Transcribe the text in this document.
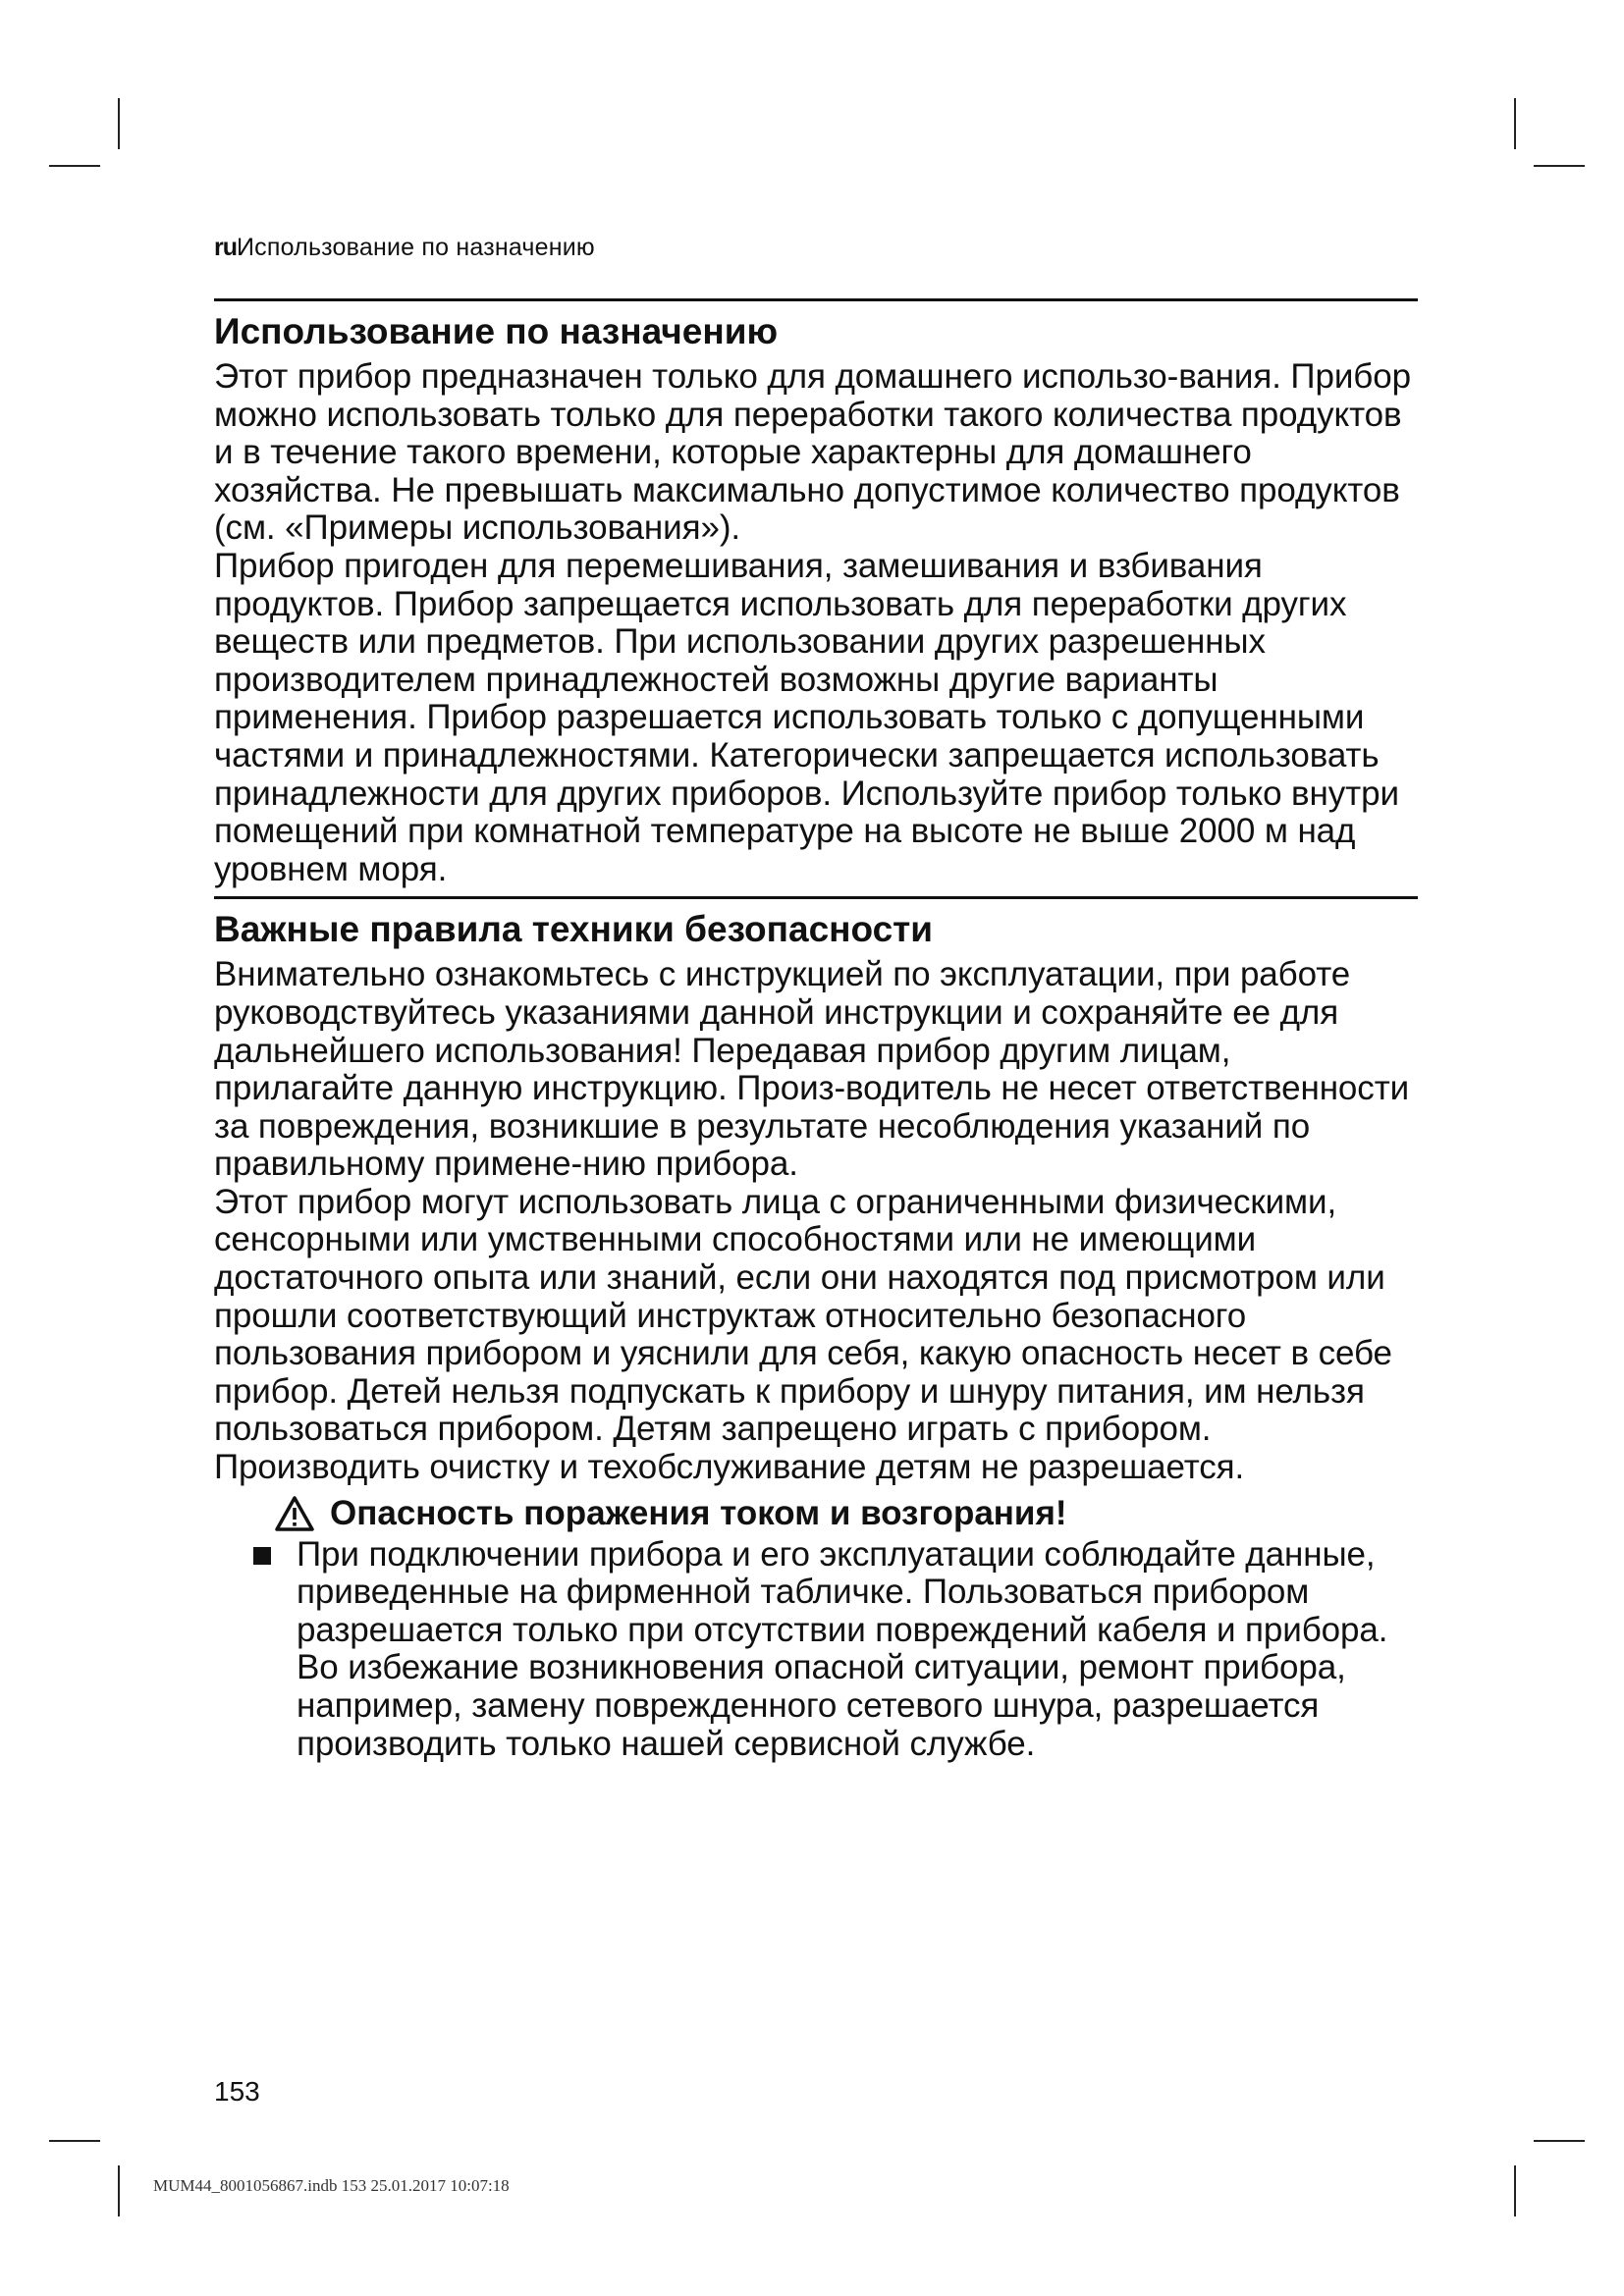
ruИспользование по назначению
Использование по назначению

Этот прибор предназначен только для домашнего использо-вания. Прибор можно использовать только для переработки такого количества продуктов и в течение такого времени, которые характерны для домашнего хозяйства. Не превышать максимально допустимое количество продуктов (см. «Примеры использования»).

Прибор пригоден для перемешивания, замешивания и взбивания продуктов. Прибор запрещается использовать для переработки других веществ или предметов. При использовании других разрешенных производителем принадлежностей возможны другие варианты применения. Прибор разрешается использовать только с допущенными частями и принадлежностями. Категорически запрещается использовать принадлежности для других приборов. Используйте прибор только внутри помещений при комнатной температуре на высоте не выше 2000 м над уровнем моря.

Важные правила техники безопасности

Внимательно ознакомьтесь с инструкцией по эксплуатации, при работе руководствуйтесь указаниями данной инструкции и сохраняйте ее для дальнейшего использования! Передавая прибор другим лицам, прилагайте данную инструкцию. Произ-водитель не несет ответственности за повреждения, возникшие в результате несоблюдения указаний по правильному примене-нию прибора.

Этот прибор могут использовать лица с ограниченными физическими, сенсорными или умственными способностями или не имеющими достаточного опыта или знаний, если они находятся под присмотром или прошли соответствующий инструктаж относительно безопасного пользования прибором и уяснили для себя, какую опасность несет в себе прибор. Детей нельзя подпускать к прибору и шнуру питания, им нельзя пользоваться прибором. Детям запрещено играть с прибором. Производить очистку и техобслуживание детям не разрешается.

Опасность поражения током и возгорания!

При подключении прибора и его эксплуатации соблюдайте данные, приведенные на фирменной табличке. Пользоваться прибором разрешается только при отсутствии повреждений кабеля и прибора. Во избежание возникновения опасной ситуации, ремонт прибора, например, замену поврежденного сетевого шнура, разрешается производить только нашей сервисной службе.

153
MUM44_8001056867.indb 153 25.01.2017 10:07:18
